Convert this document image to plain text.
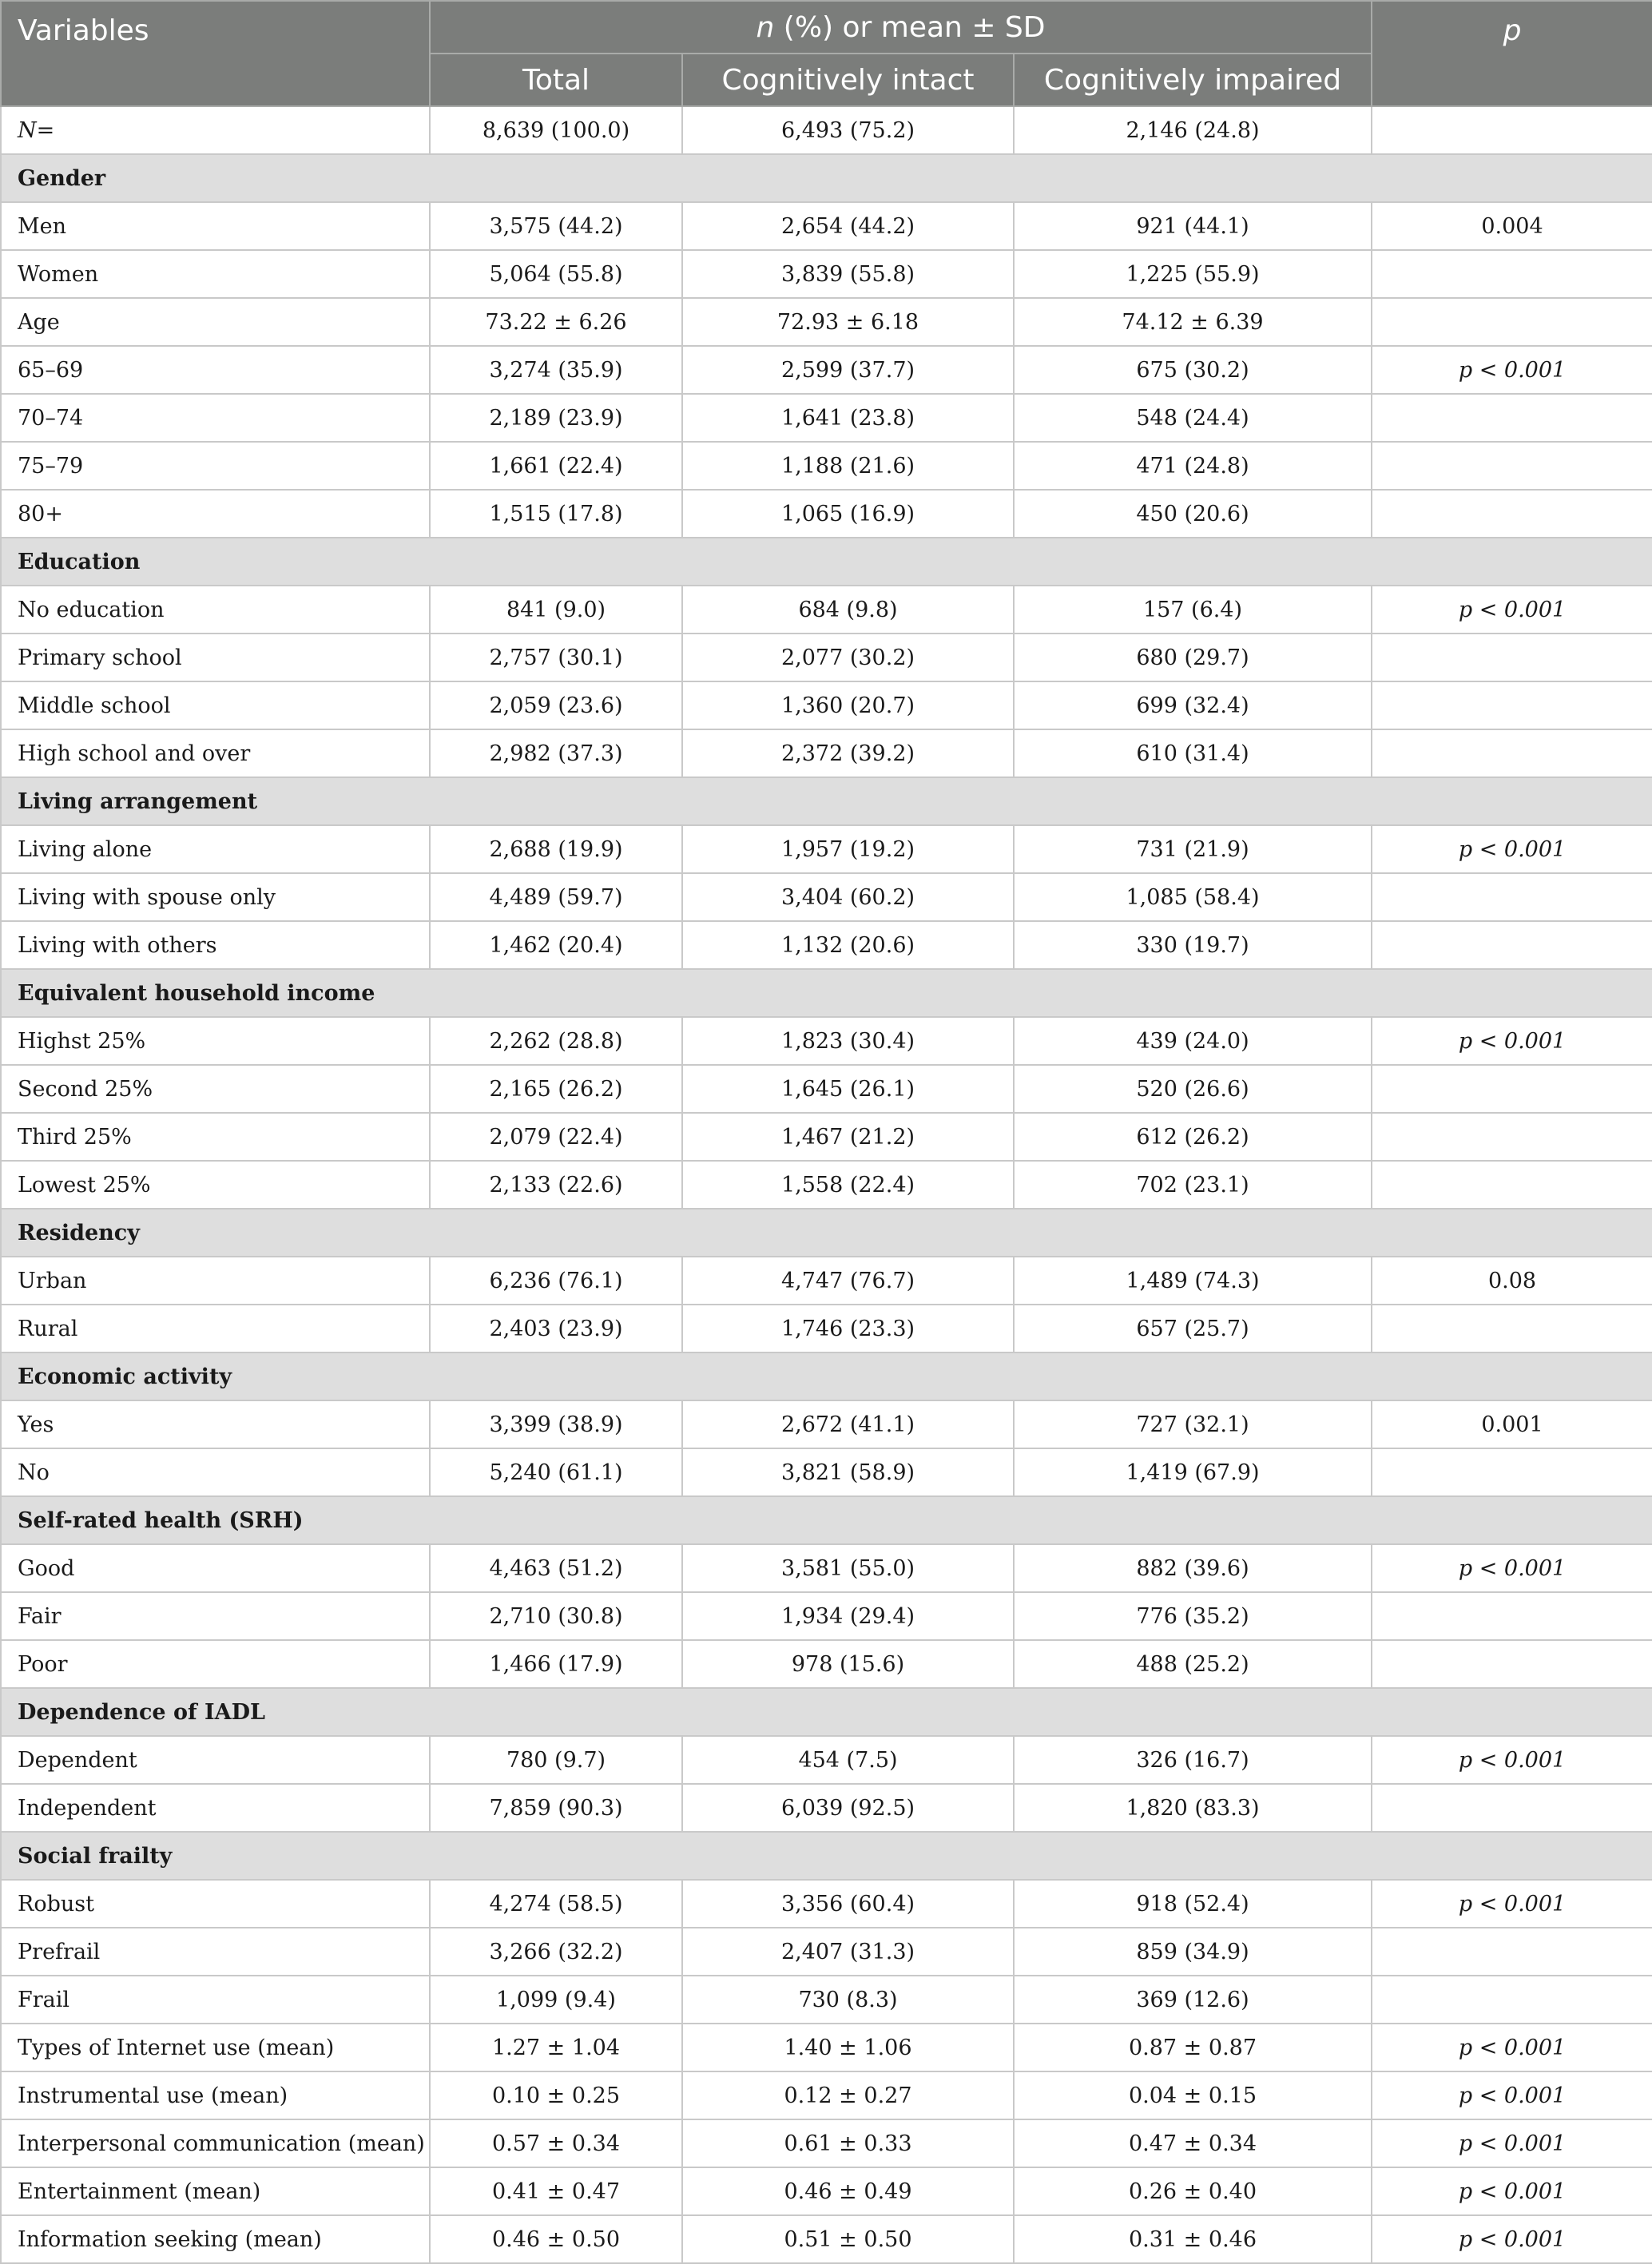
Variables	n (%) or mean ± SD			p
	Total	Cognitively intact	Cognitively impaired	
N=	8,639 (100.0)	6,493 (75.2)	2,146 (24.8)	
Gender				
Men	3,575 (44.2)	2,654 (44.2)	921 (44.1)	0.004
Women	5,064 (55.8)	3,839 (55.8)	1,225 (55.9)	
Age	73.22 ± 6.26	72.93 ± 6.18	74.12 ± 6.39	
65–69	3,274 (35.9)	2,599 (37.7)	675 (30.2)	p < 0.001
70–74	2,189 (23.9)	1,641 (23.8)	548 (24.4)	
75–79	1,661 (22.4)	1,188 (21.6)	471 (24.8)	
80+	1,515 (17.8)	1,065 (16.9)	450 (20.6)	
Education				
No education	841 (9.0)	684 (9.8)	157 (6.4)	p < 0.001
Primary school	2,757 (30.1)	2,077 (30.2)	680 (29.7)	
Middle school	2,059 (23.6)	1,360 (20.7)	699 (32.4)	
High school and over	2,982 (37.3)	2,372 (39.2)	610 (31.4)	
Living arrangement				
Living alone	2,688 (19.9)	1,957 (19.2)	731 (21.9)	p < 0.001
Living with spouse only	4,489 (59.7)	3,404 (60.2)	1,085 (58.4)	
Living with others	1,462 (20.4)	1,132 (20.6)	330 (19.7)	
Equivalent household income				
Highst 25%	2,262 (28.8)	1,823 (30.4)	439 (24.0)	p < 0.001
Second 25%	2,165 (26.2)	1,645 (26.1)	520 (26.6)	
Third 25%	2,079 (22.4)	1,467 (21.2)	612 (26.2)	
Lowest 25%	2,133 (22.6)	1,558 (22.4)	702 (23.1)	
Residency				
Urban	6,236 (76.1)	4,747 (76.7)	1,489 (74.3)	0.08
Rural	2,403 (23.9)	1,746 (23.3)	657 (25.7)	
Economic activity				
Yes	3,399 (38.9)	2,672 (41.1)	727 (32.1)	0.001
No	5,240 (61.1)	3,821 (58.9)	1,419 (67.9)	
Self-rated health (SRH)				
Good	4,463 (51.2)	3,581 (55.0)	882 (39.6)	p < 0.001
Fair	2,710 (30.8)	1,934 (29.4)	776 (35.2)	
Poor	1,466 (17.9)	978 (15.6)	488 (25.2)	
Dependence of IADL				
Dependent	780 (9.7)	454 (7.5)	326 (16.7)	p < 0.001
Independent	7,859 (90.3)	6,039 (92.5)	1,820 (83.3)	
Social frailty				
Robust	4,274 (58.5)	3,356 (60.4)	918 (52.4)	p < 0.001
Prefrail	3,266 (32.2)	2,407 (31.3)	859 (34.9)	
Frail	1,099 (9.4)	730 (8.3)	369 (12.6)	
Types of Internet use (mean)	1.27 ± 1.04	1.40 ± 1.06	0.87 ± 0.87	p < 0.001
Instrumental use (mean)	0.10 ± 0.25	0.12 ± 0.27	0.04 ± 0.15	p < 0.001
Interpersonal communication (mean)	0.57 ± 0.34	0.61 ± 0.33	0.47 ± 0.34	p < 0.001
Entertainment (mean)	0.41 ± 0.47	0.46 ± 0.49	0.26 ± 0.40	p < 0.001
Information seeking (mean)	0.46 ± 0.50	0.51 ± 0.50	0.31 ± 0.46	p < 0.001
